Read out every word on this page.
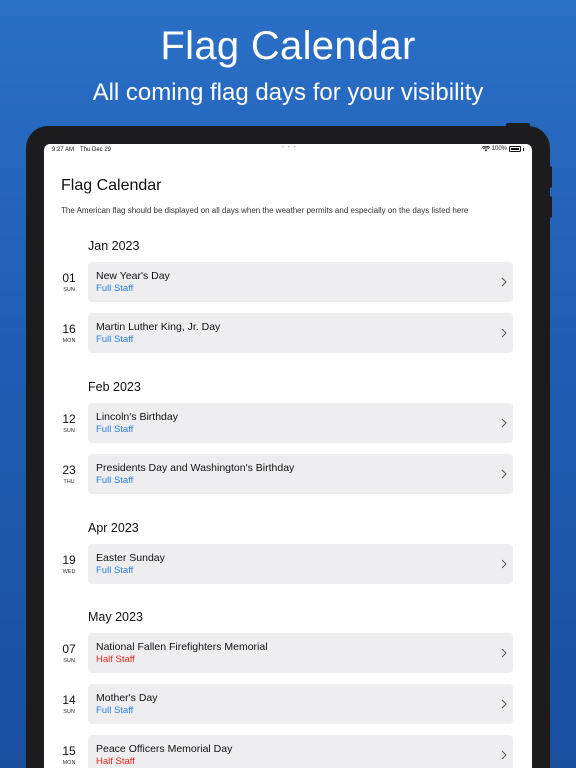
Flag Calendar
All coming flag days for your visibility
9:27 AM Thu Dec 29	• • •	100%
Flag Calendar
The American flag should be displayed on all days when the weather permits and especially on the days listed here
Jan 2023
01
SUN
New Year's Day
Full Staff
16
MON
Martin Luther King, Jr. Day
Full Staff
Feb 2023
12
SUN
Lincoln's Birthday
Full Staff
23
THU
Presidents Day and Washington's Birthday
Full Staff
Apr 2023
19
WED
Easter Sunday
Full Staff
May 2023
07
SUN
National Fallen Firefighters Memorial
Half Staff
14
SUN
Mother's Day
Full Staff
15
MON
Peace Officers Memorial Day
Half Staff
